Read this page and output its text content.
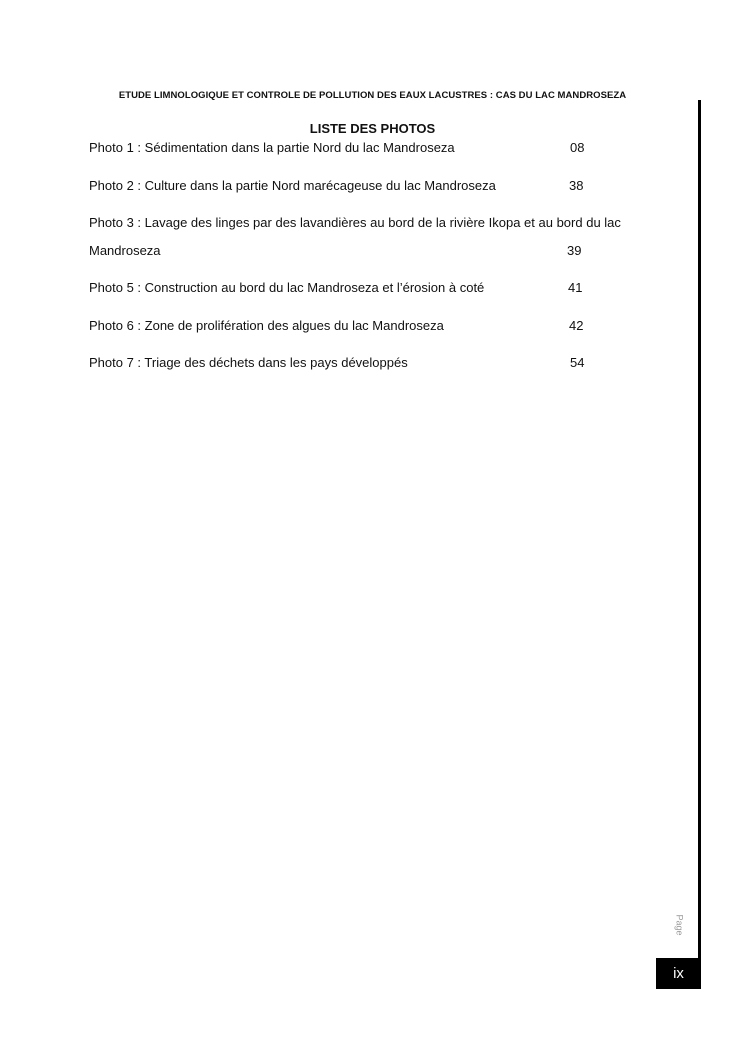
ETUDE LIMNOLOGIQUE ET CONTROLE DE POLLUTION DES EAUX LACUSTRES : CAS DU LAC MANDROSEZA
LISTE DES PHOTOS
Photo 1 : Sédimentation dans la partie Nord du lac Mandroseza	08
Photo 2 : Culture dans la partie Nord marécageuse du lac Mandroseza	38
Photo 3 : Lavage des linges par des lavandières au bord de la rivière Ikopa et au bord du lac
Mandroseza	39
Photo 5 : Construction au bord du lac Mandroseza et l’érosion à coté	41
Photo 6 : Zone de prolifération des algues du lac Mandroseza	42
Photo 7 : Triage des déchets dans les pays développés	54
Page
ix
